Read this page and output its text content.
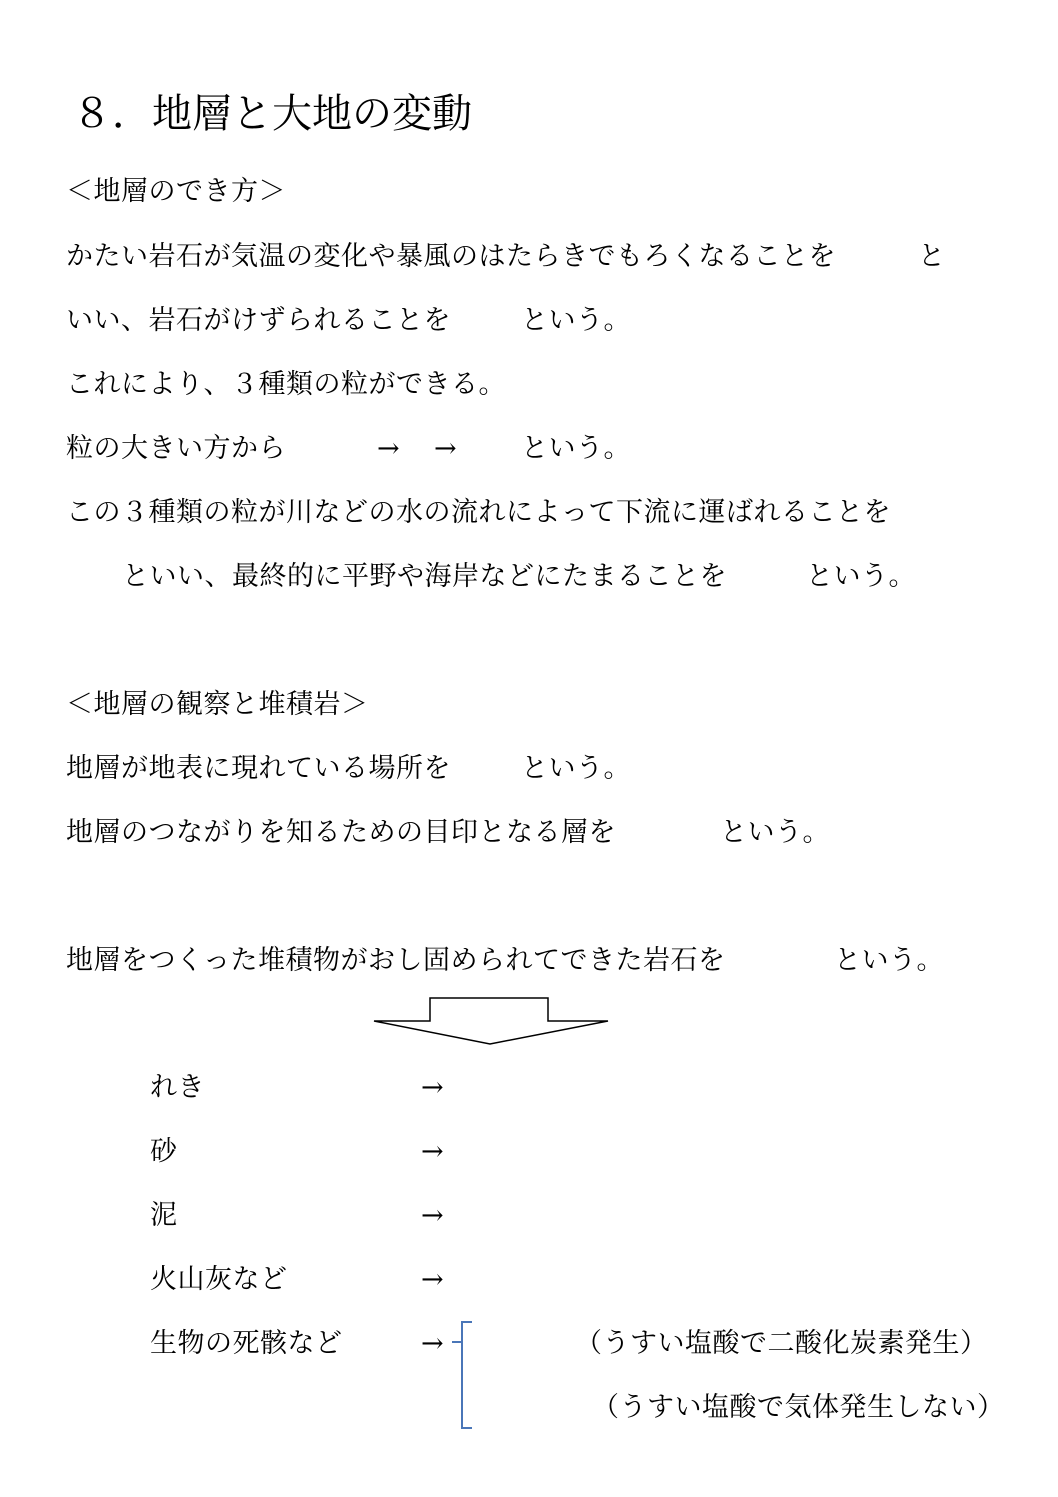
８．地層と大地の変動
＜地層のでき方＞
かたい岩石が気温の変化や暴風のはたらきでもろくなることを	と
いい、岩石がけずられることを	という。
これにより、３種類の粒ができる。
粒の大きい方から	→ → という。
この３種類の粒が川などの水の流れによって下流に運ばれることを
といい、最終的に平野や海岸などにたまることを	という。
＜地層の観察と堆積岩＞
地層が地表に現れている場所を	という。
地層のつながりを知るための目印となる層を	という。
地層をつくった堆積物がおし固められてできた岩石を	という。
れき	→
砂	→
泥	→
火山灰など	→
生物の死骸など	→	（うすい塩酸で二酸化炭素発生）
（うすい塩酸で気体発生しない）
